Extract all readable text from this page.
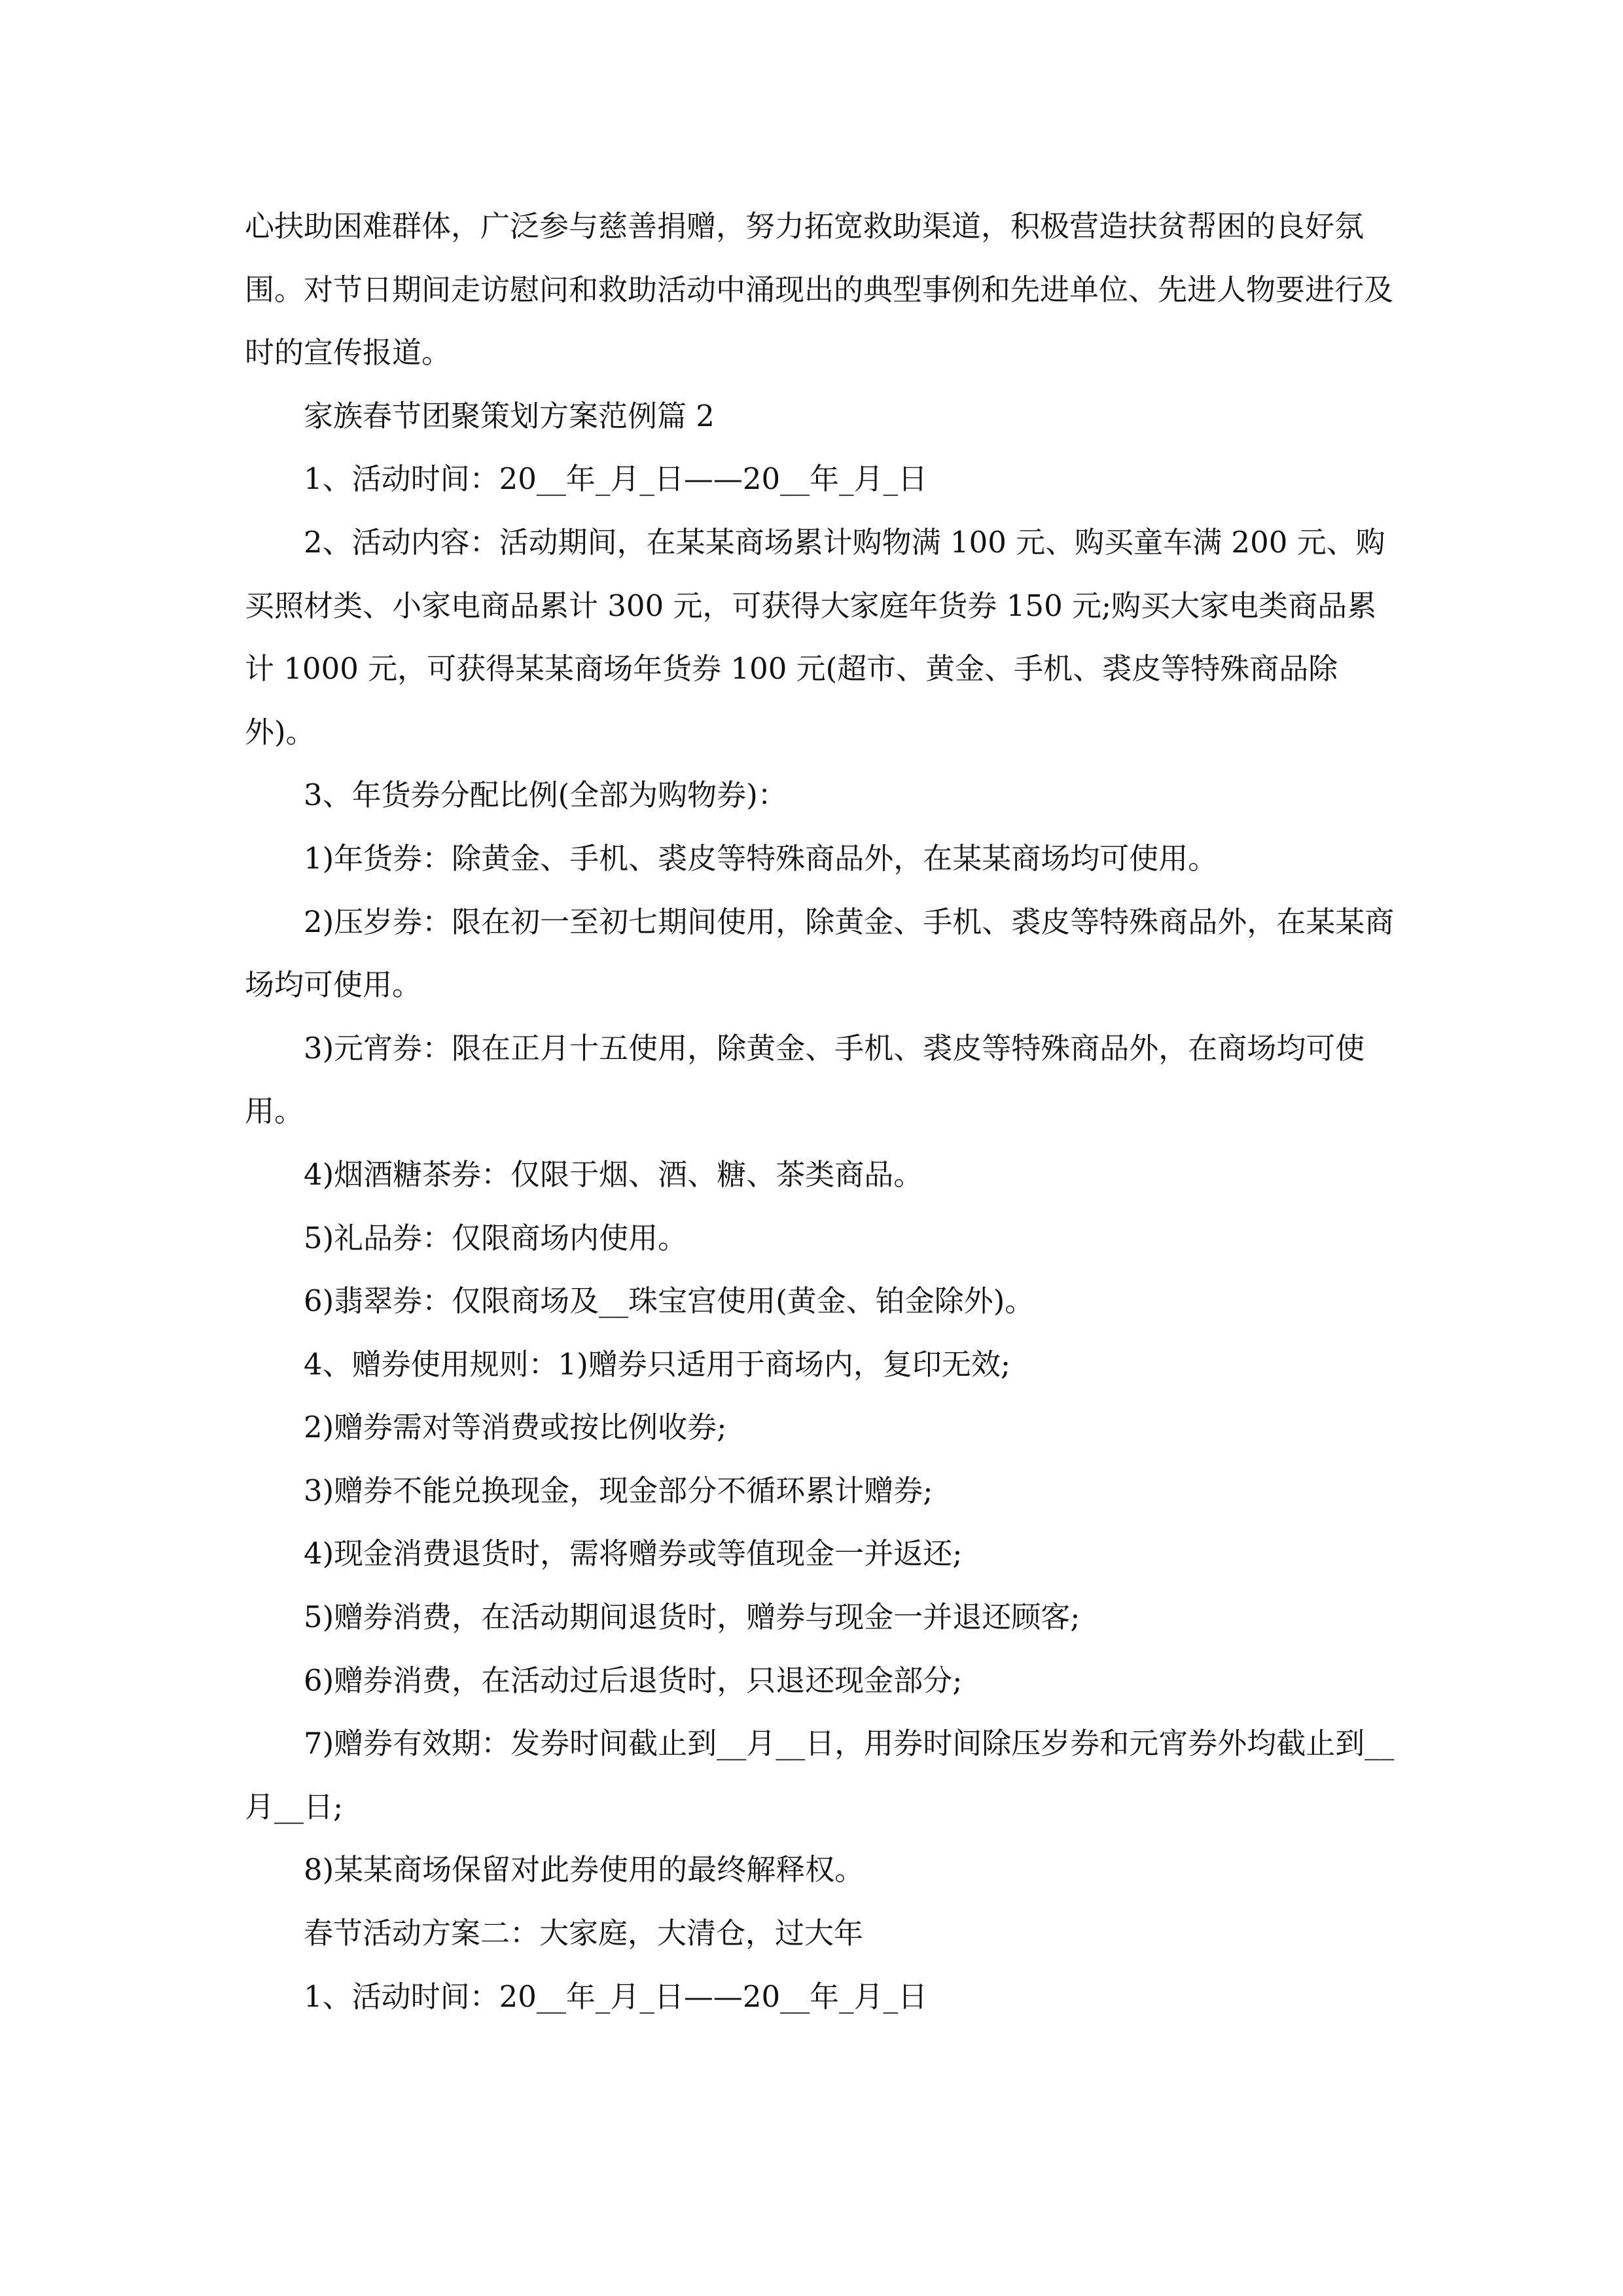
心扶助困难群体，广泛参与慈善捐赠，努力拓宽救助渠道，积极营造扶贫帮困的良好氛围。对节日期间走访慰问和救助活动中涌现出的典型事例和先进单位、先进人物要进行及时的宣传报道。

家族春节团聚策划方案范例篇 2

1、活动时间：20__年_月_日——20__年_月_日

2、活动内容：活动期间，在某某商场累计购物满 100 元、购买童车满 200 元、购买照材类、小家电商品累计 300 元，可获得大家庭年货券 150 元;购买大家电类商品累计 1000 元，可获得某某商场年货券 100 元(超市、黄金、手机、裘皮等特殊商品除外)。

3、年货券分配比例(全部为购物券)：

1)年货券：除黄金、手机、裘皮等特殊商品外，在某某商场均可使用。

2)压岁券：限在初一至初七期间使用，除黄金、手机、裘皮等特殊商品外，在某某商场均可使用。

3)元宵券：限在正月十五使用，除黄金、手机、裘皮等特殊商品外，在商场均可使用。

4)烟酒糖茶券：仅限于烟、酒、糖、茶类商品。

5)礼品券：仅限商场内使用。

6)翡翠券：仅限商场及__珠宝宫使用(黄金、铂金除外)。

4、赠券使用规则：1)赠券只适用于商场内，复印无效;

2)赠券需对等消费或按比例收券;

3)赠券不能兑换现金，现金部分不循环累计赠券;

4)现金消费退货时，需将赠券或等值现金一并返还;

5)赠券消费，在活动期间退货时，赠券与现金一并退还顾客;

6)赠券消费，在活动过后退货时，只退还现金部分;

7)赠券有效期：发券时间截止到__月__日，用券时间除压岁券和元宵券外均截止到__月__日;

8)某某商场保留对此券使用的最终解释权。

春节活动方案二：大家庭，大清仓，过大年

1、活动时间：20__年_月_日——20__年_月_日
